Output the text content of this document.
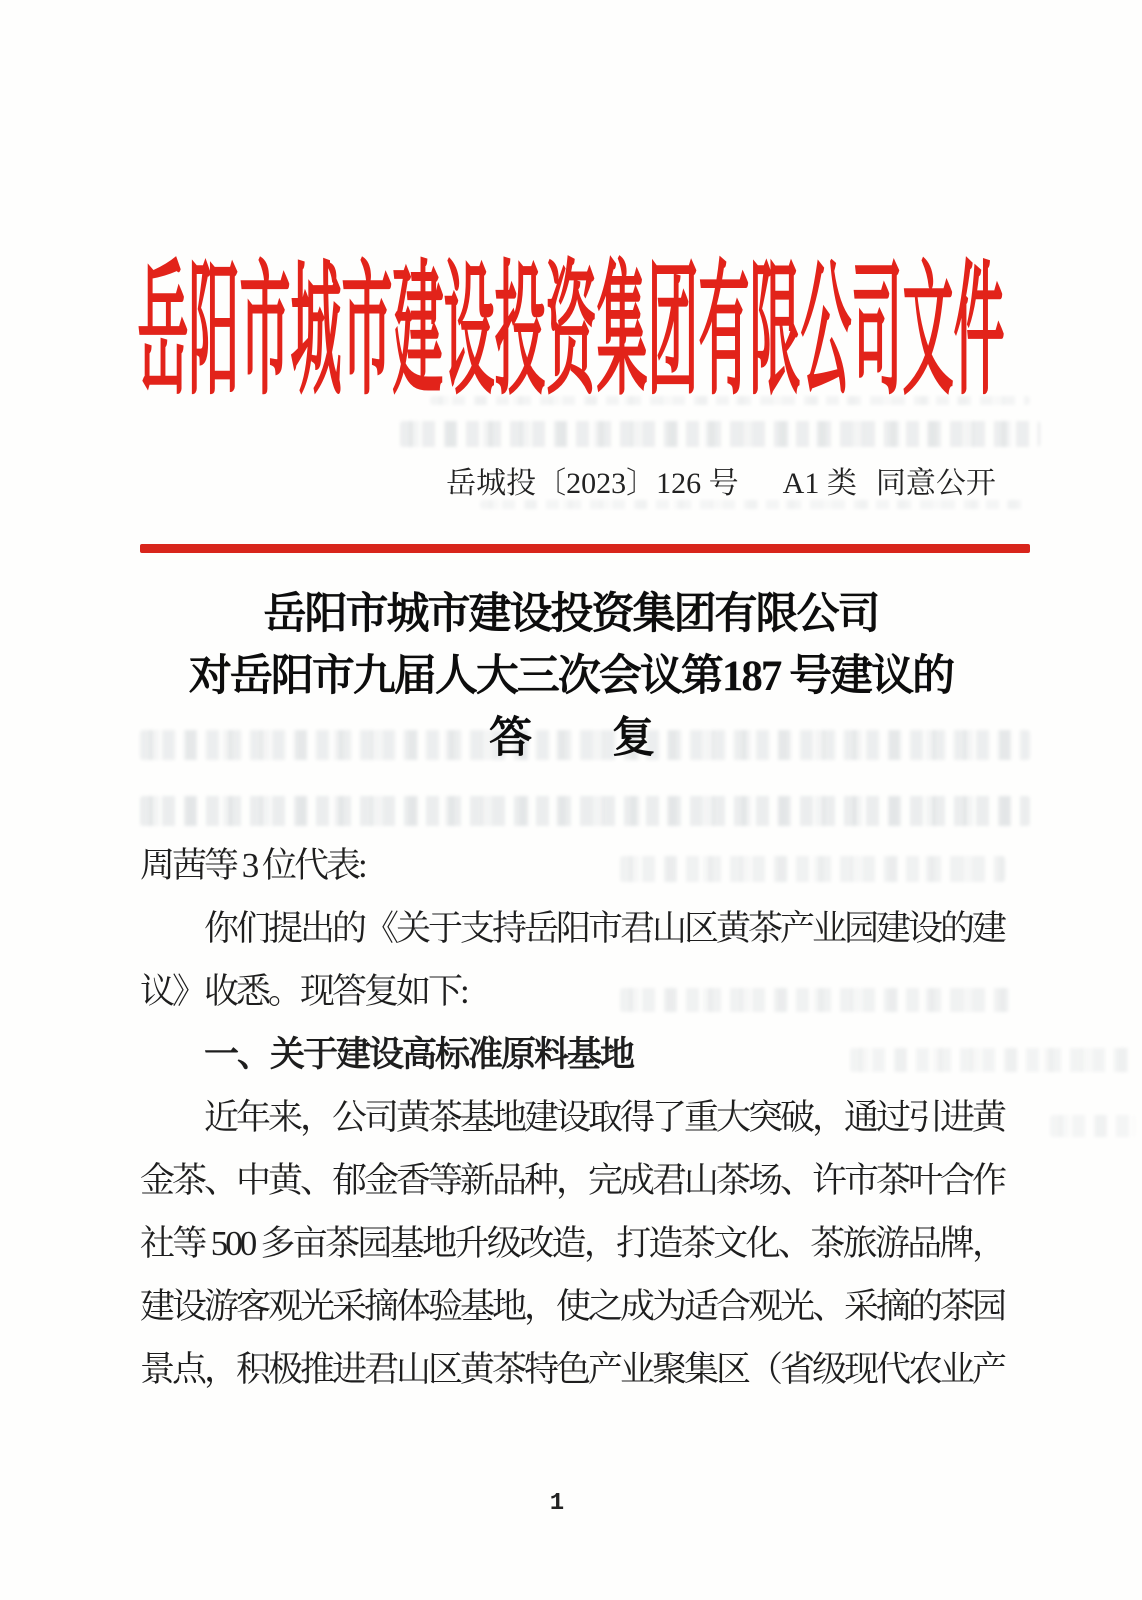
岳阳市城市建设投资集团有限公司文件
岳城投〔2023〕126 号 A1 类 同意公开
岳阳市城市建设投资集团有限公司
对岳阳市九届人大三次会议第187 号建议的
答　　复
周茜等 3 位代表:
你们提出的《关于支持岳阳市君山区黄茶产业园建设的建
议》收悉。现答复如下:
一、关于建设高标准原料基地
近年来，公司黄茶基地建设取得了重大突破，通过引进黄
金茶、中黄、郁金香等新品种，完成君山茶场、许市茶叶合作
社等 500 多亩茶园基地升级改造，打造茶文化、茶旅游品牌，
建设游客观光采摘体验基地，使之成为适合观光、采摘的茶园
景点，积极推进君山区黄茶特色产业聚集区（省级现代农业产
1
